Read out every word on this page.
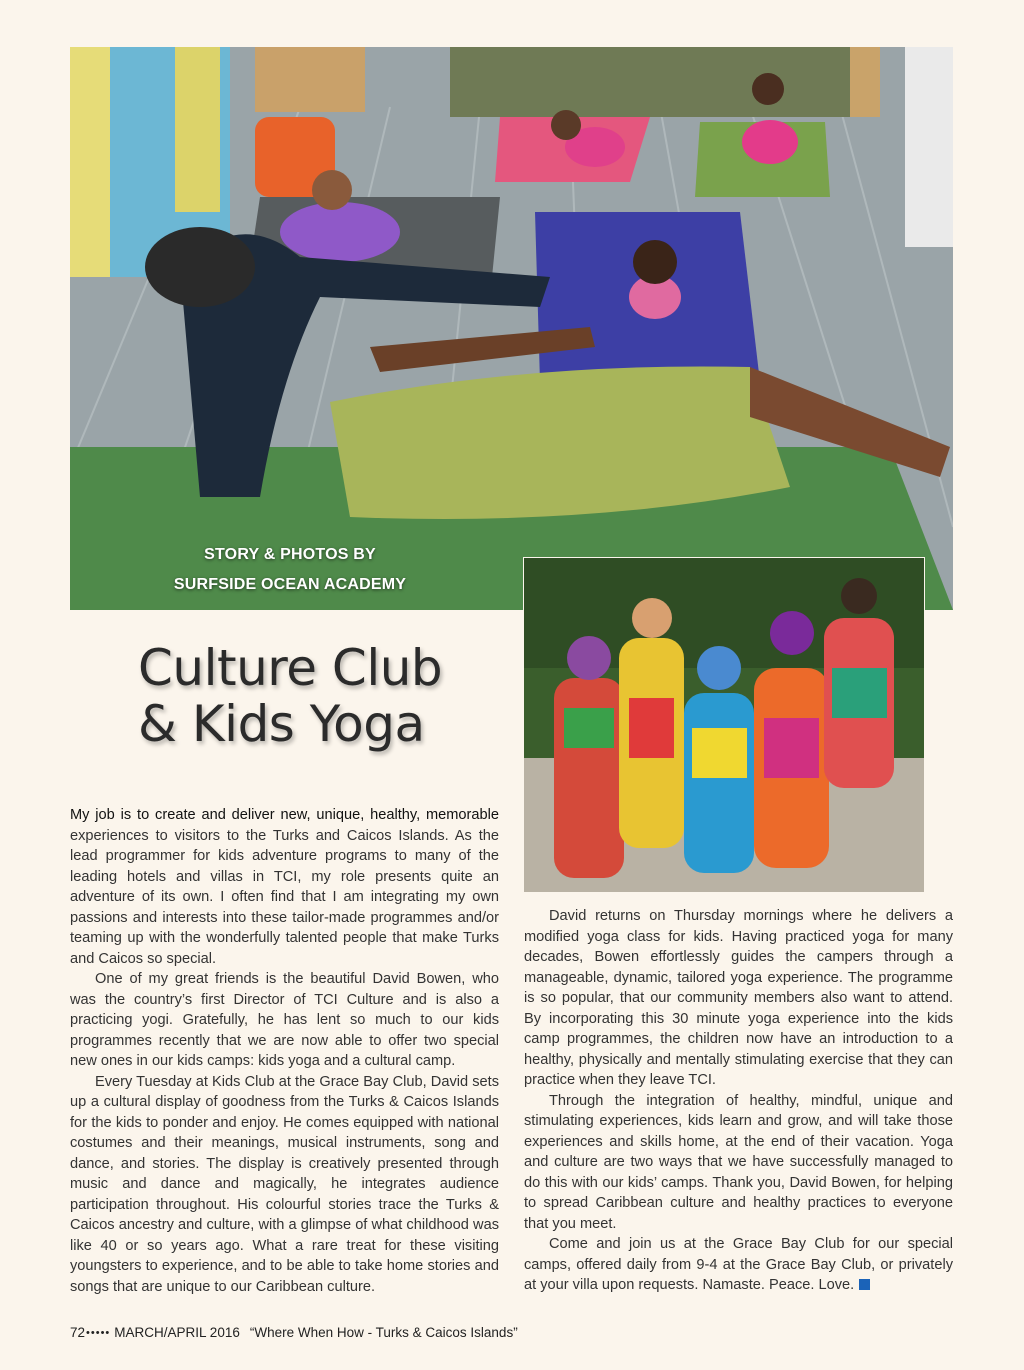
STORY & PHOTOS BY
SURFSIDE OCEAN ACADEMY
Culture Club
& Kids Yoga

My job is to create and deliver new, unique, healthy, memorable experiences to visitors to the Turks and Caicos Islands. As the lead programmer for kids adventure programs to many of the leading hotels and villas in TCI, my role presents quite an adventure of its own. I often find that I am integrating my own passions and interests into these tailor-made programmes and/or teaming up with the wonderfully talented people that make Turks and Caicos so special.

One of my great friends is the beautiful David Bowen, who was the country’s first Director of TCI Culture and is also a practicing yogi. Gratefully, he has lent so much to our kids programmes recently that we are now able to offer two special new ones in our kids camps: kids yoga and a cultural camp.

Every Tuesday at Kids Club at the Grace Bay Club, David sets up a cultural display of goodness from the Turks & Caicos Islands for the kids to ponder and enjoy. He comes equipped with national costumes and their meanings, musical instruments, song and dance, and stories. The display is creatively presented through music and dance and magically, he integrates audience participation throughout. His colourful stories trace the Turks & Caicos ancestry and culture, with a glimpse of what childhood was like 40 or so years ago. What a rare treat for these visiting youngsters to experience, and to be able to take home stories and songs that are unique to our Caribbean culture.

David returns on Thursday mornings where he delivers a modified yoga class for kids. Having practiced yoga for many decades, Bowen effortlessly guides the campers through a manageable, dynamic, tailored yoga experience. The programme is so popular, that our community members also want to attend. By incorporating this 30 minute yoga experience into the kids camp programmes, the children now have an introduction to a healthy, physically and mentally stimulating exercise that they can practice when they leave TCI.

Through the integration of healthy, mindful, unique and stimulating experiences, kids learn and grow, and will take those experiences and skills home, at the end of their vacation. Yoga and culture are two ways that we have successfully managed to do this with our kids’ camps. Thank you, David Bowen, for helping to spread Caribbean culture and healthy practices to everyone that you meet.

Come and join us at the Grace Bay Club for our special camps, offered daily from 9-4 at the Grace Bay Club, or privately at your villa upon requests. Namaste. Peace. Love.

72••••• MARCH/APRIL 2016 “Where When How - Turks & Caicos Islands”
